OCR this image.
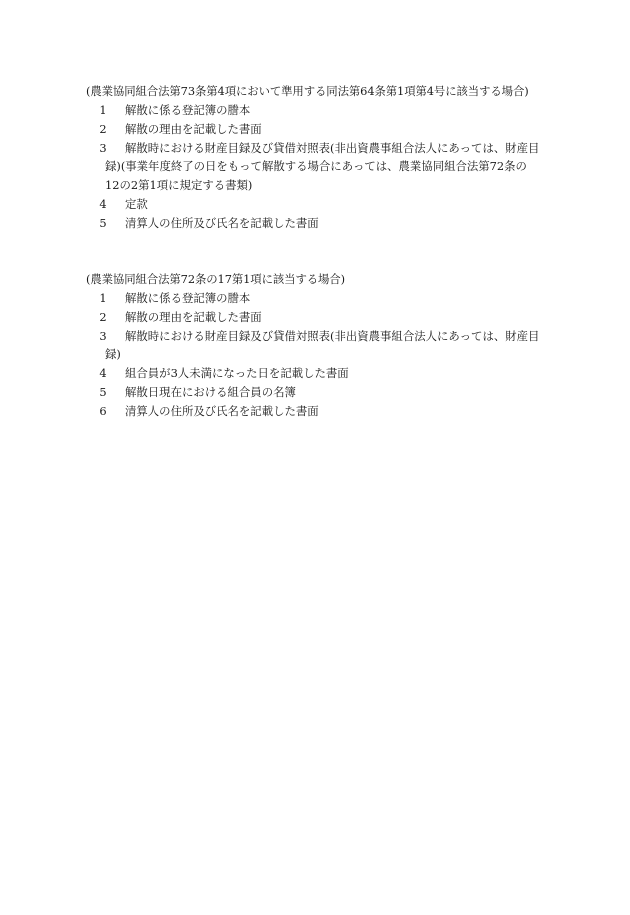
(農業協同組合法第73条第4項において準用する同法第64条第1項第4号に該当する場合)
1 解散に係る登記簿の謄本
2 解散の理由を記載した書面
3 解散時における財産目録及び貸借対照表(非出資農事組合法人にあっては、財産目
録)(事業年度終了の日をもって解散する場合にあっては、農業協同組合法第72条の
12の2第1項に規定する書類)
4 定款
5 清算人の住所及び氏名を記載した書面
(農業協同組合法第72条の17第1項に該当する場合)
1 解散に係る登記簿の謄本
2 解散の理由を記載した書面
3 解散時における財産目録及び貸借対照表(非出資農事組合法人にあっては、財産目
録)
4 組合員が3人未満になった日を記載した書面
5 解散日現在における組合員の名簿
6 清算人の住所及び氏名を記載した書面
